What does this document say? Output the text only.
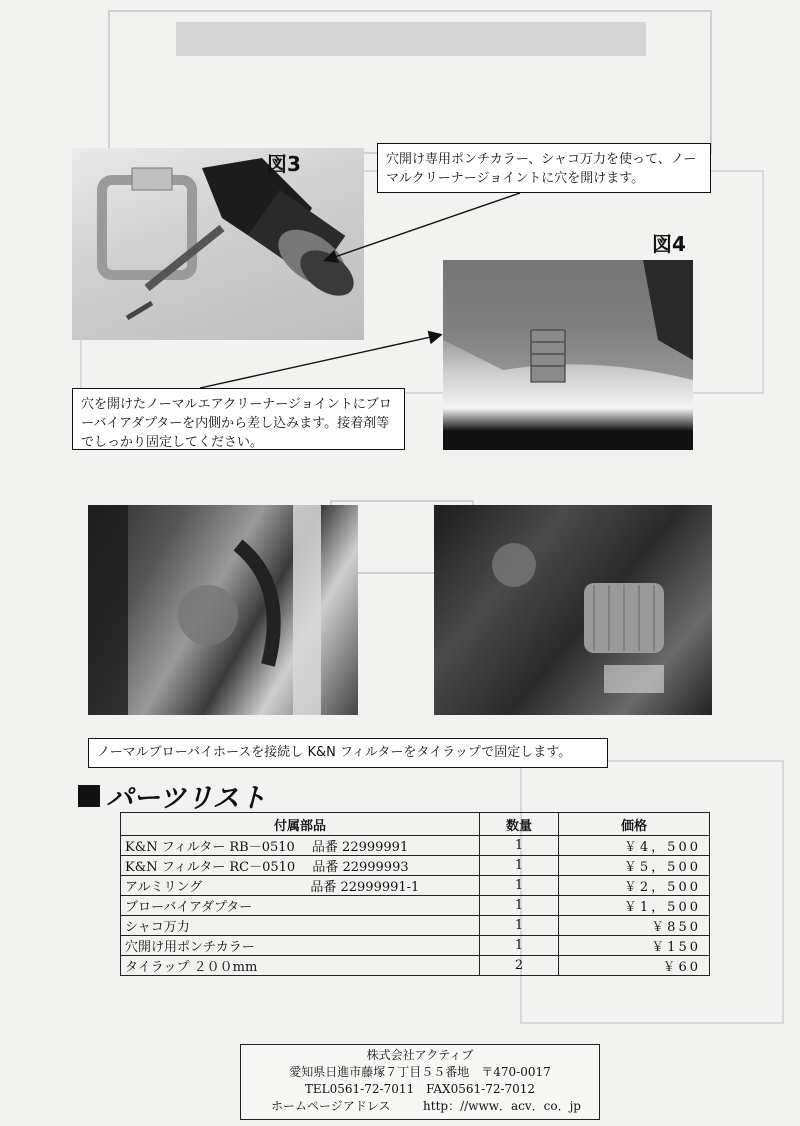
図3
図4
穴開け専用ポンチカラー、シャコ万力を使って、ノーマルクリーナージョイントに穴を開けます。
穴を開けたノーマルエアクリーナージョイントにブローバイアダプターを内側から差し込みます。接着剤等でしっかり固定してください。
ノーマルブローバイホースを接続し K&N フィルターをタイラップで固定します。
パーツリスト
付属部品	数量	価格
K&N フィルター RB－0510　 品番 22999991	1	￥4，500
K&N フィルター RC－0510　 品番 22999993	1	￥5，500
アルミリング　　　　　　　　 品番 22999991-1	1	￥2，500
ブローバイアダプター	1	￥1，500
シャコ万力	1	￥850
穴開け用ポンチカラー	1	￥150
タイラップ ２００mm	2	￥60
株式会社アクティブ
愛知県日進市藤塚７丁目５５番地　〒470-0017
TEL0561-72-7011　FAX0561-72-7012
ホームページアドレス	http：//www．acv．co．jp
